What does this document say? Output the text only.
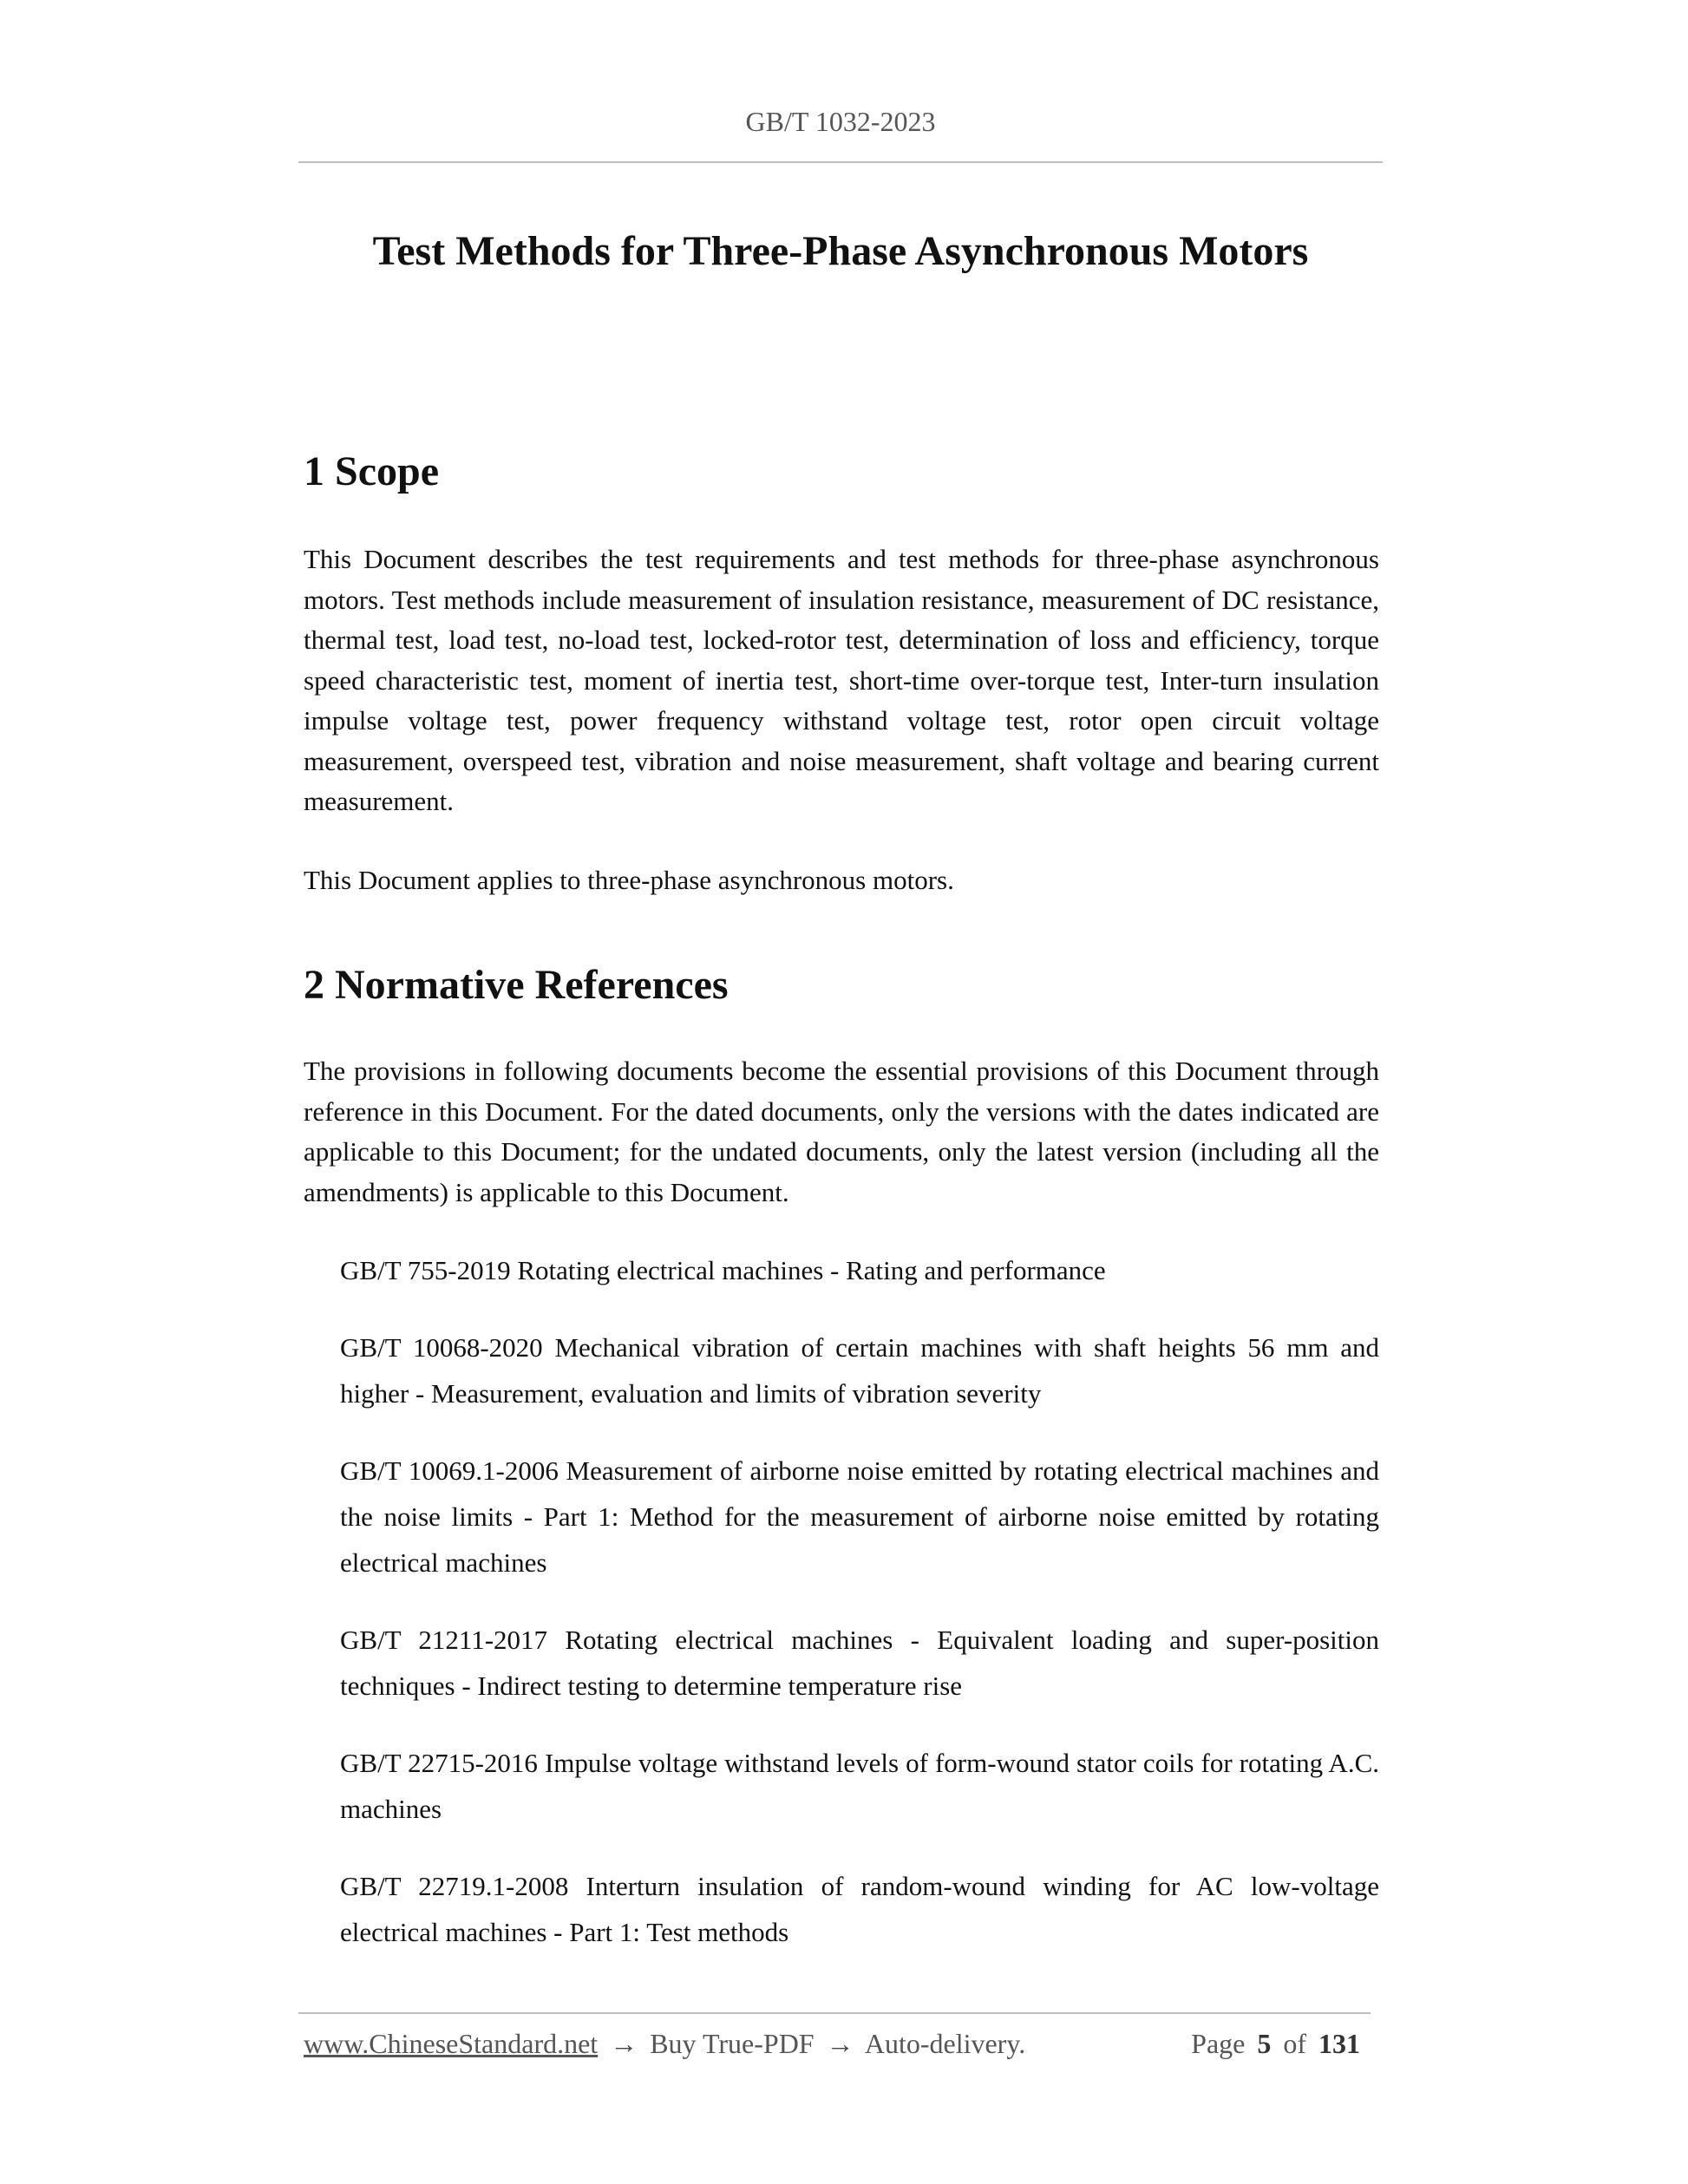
GB/T 1032-2023
Test Methods for Three-Phase Asynchronous Motors
1 Scope

This Document describes the test requirements and test methods for three-phase asynchronous motors. Test methods include measurement of insulation resistance, measurement of DC resistance, thermal test, load test, no-load test, locked-rotor test, determination of loss and efficiency, torque speed characteristic test, moment of inertia test, short-time over-torque test, Inter-turn insulation impulse voltage test, power frequency withstand voltage test, rotor open circuit voltage measurement, overspeed test, vibration and noise measurement, shaft voltage and bearing current measurement.

This Document applies to three-phase asynchronous motors.

2 Normative References

The provisions in following documents become the essential provisions of this Document through reference in this Document. For the dated documents, only the versions with the dates indicated are applicable to this Document; for the undated documents, only the latest version (including all the amendments) is applicable to this Document.

GB/T 755-2019 Rotating electrical machines - Rating and performance
GB/T 10068-2020 Mechanical vibration of certain machines with shaft heights 56 mm and higher - Measurement, evaluation and limits of vibration severity
GB/T 10069.1-2006 Measurement of airborne noise emitted by rotating electrical machines and the noise limits - Part 1: Method for the measurement of airborne noise emitted by rotating electrical machines
GB/T 21211-2017 Rotating electrical machines - Equivalent loading and super-position techniques - Indirect testing to determine temperature rise
GB/T 22715-2016 Impulse voltage withstand levels of form-wound stator coils for rotating A.C. machines
GB/T 22719.1-2008 Interturn insulation of random-wound winding for AC low-voltage electrical machines - Part 1: Test methods
www.ChineseStandard.net → Buy True-PDF → Auto-delivery.	Page 5 of 131
